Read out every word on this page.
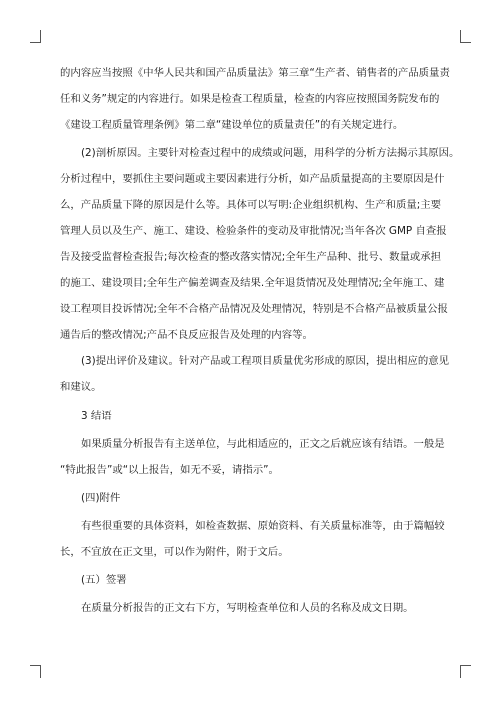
的内容应当按照《中华人民共和国产品质量法》第三章“生产者、销售者的产品质量责
任和义务”规定的内容进行。如果是检查工程质量，检查的内容应按照国务院发布的
《建设工程质量管理条例》第二章“建设单位的质量责任”的有关规定进行。
(2)剖析原因。主要针对检查过程中的成绩或问题，用科学的分析方法揭示其原因。
分析过程中，要抓住主要问题或主要因素进行分析，如产品质量提高的主要原因是什
么，产品质量下降的原因是什么等。具体可以写明:企业组织机构、生产和质量;主要
管理人员以及生产、施工、建设、检验条件的变动及审批情况;当年各次 GMP 自查报
告及接受监督检查报告;每次检查的整改落实情况;全年生产品种、批号、数量或承担
的施工、建设项目;全年生产偏差调查及结果.全年退货情况及处理情况;全年施工、建
设工程项目投诉情况;全年不合格产品情况及处理情况，特别是不合格产品被质量公报
通告后的整改情况;产品不良反应报告及处理的内容等。
(3)提出评价及建议。针对产品或工程项目质量优劣形成的原因，提出相应的意见
和建议。
3 结语
如果质量分析报告有主送单位，与此相适应的，正文之后就应该有结语。一般是
“特此报告”或“以上报告，如无不妥，请指示”。
(四)附件
有些很重要的具体资料，如检查数据、原始资料、有关质量标准等，由于篇幅较
长，不宜放在正文里，可以作为附件，附于文后。
(五）签署
在质量分析报告的正文右下方，写明检查单位和人员的名称及成文日期。
